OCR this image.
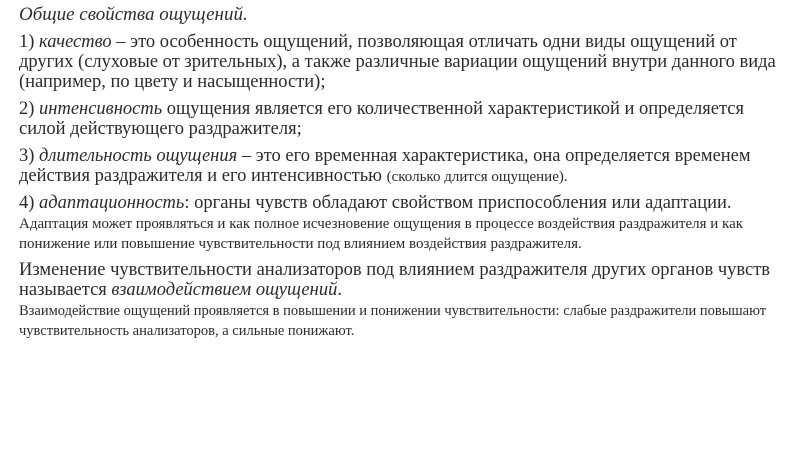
Общие свойства ощущений.

1) качество – это особенность ощущений, позволяющая отличать одни виды ощущений от других (слуховые от зрительных), а также различные вариации ощущений внутри данного вида (например, по цвету и насыщенности);

2) интенсивность ощущения является его количественной характеристикой и определяется силой действующего раздражителя;

3) длительность ощущения – это его временная характеристика, она определяется временем действия раздражителя и его интенсивностью (сколько длится ощущение).

4) адаптационность: органы чувств обладают свойством приспособления или адаптации. Адаптация может проявляться и как полное исчезновение ощущения в процессе воздействия раздражителя и как понижение или повышение чувствительности под влиянием воздействия раздражителя.

Изменение чувствительности анализаторов под влиянием раздражителя других органов чувств называется взаимодействием ощущений.
Взаимодействие ощущений проявляется в повышении и понижении чувствительности: слабые раздражители повышают чувствительность анализаторов, а сильные понижают.
